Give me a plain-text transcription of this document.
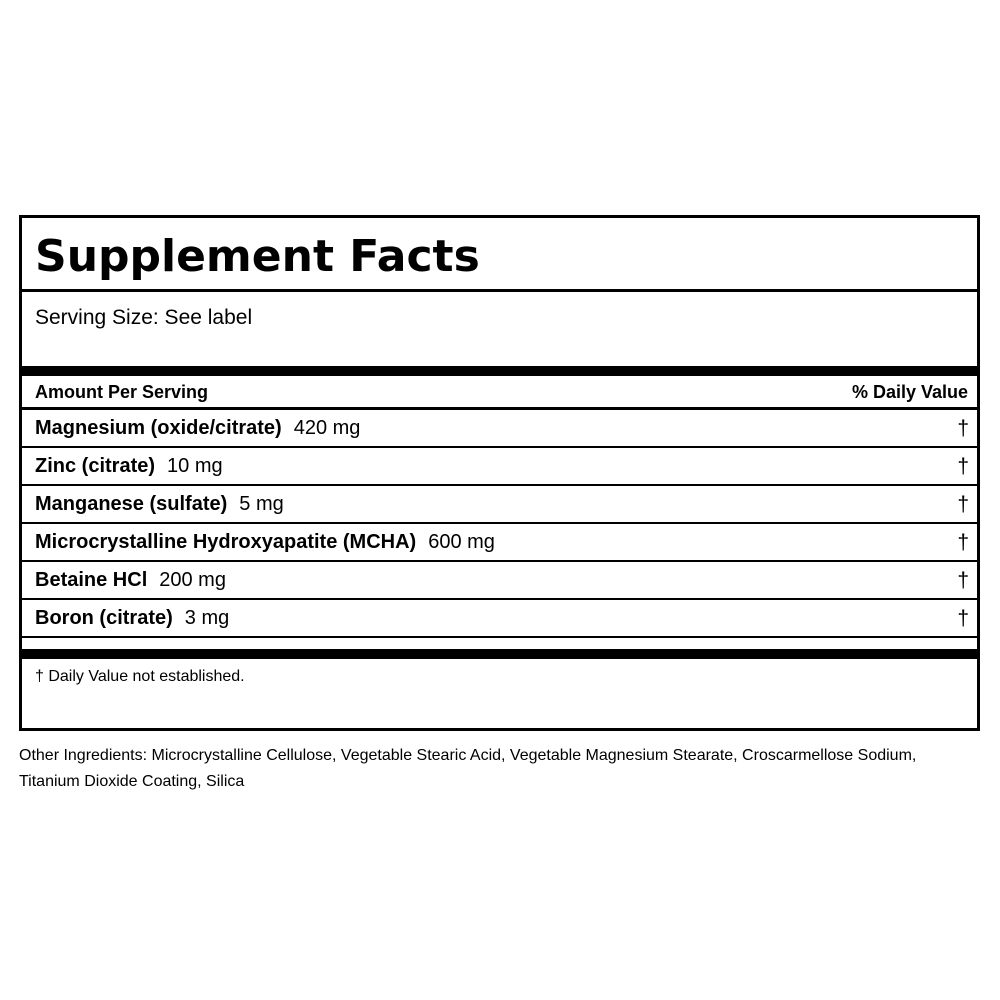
Supplement Facts
Serving Size: See label
Amount Per Serving	% Daily Value
Magnesium (oxide/citrate) 420 mg	†
Zinc (citrate) 10 mg	†
Manganese (sulfate) 5 mg	†
Microcrystalline Hydroxyapatite (MCHA) 600 mg	†
Betaine HCl 200 mg	†
Boron (citrate) 3 mg	†
† Daily Value not established.
Other Ingredients: Microcrystalline Cellulose, Vegetable Stearic Acid, Vegetable Magnesium Stearate, Croscarmellose Sodium, Titanium Dioxide Coating, Silica
